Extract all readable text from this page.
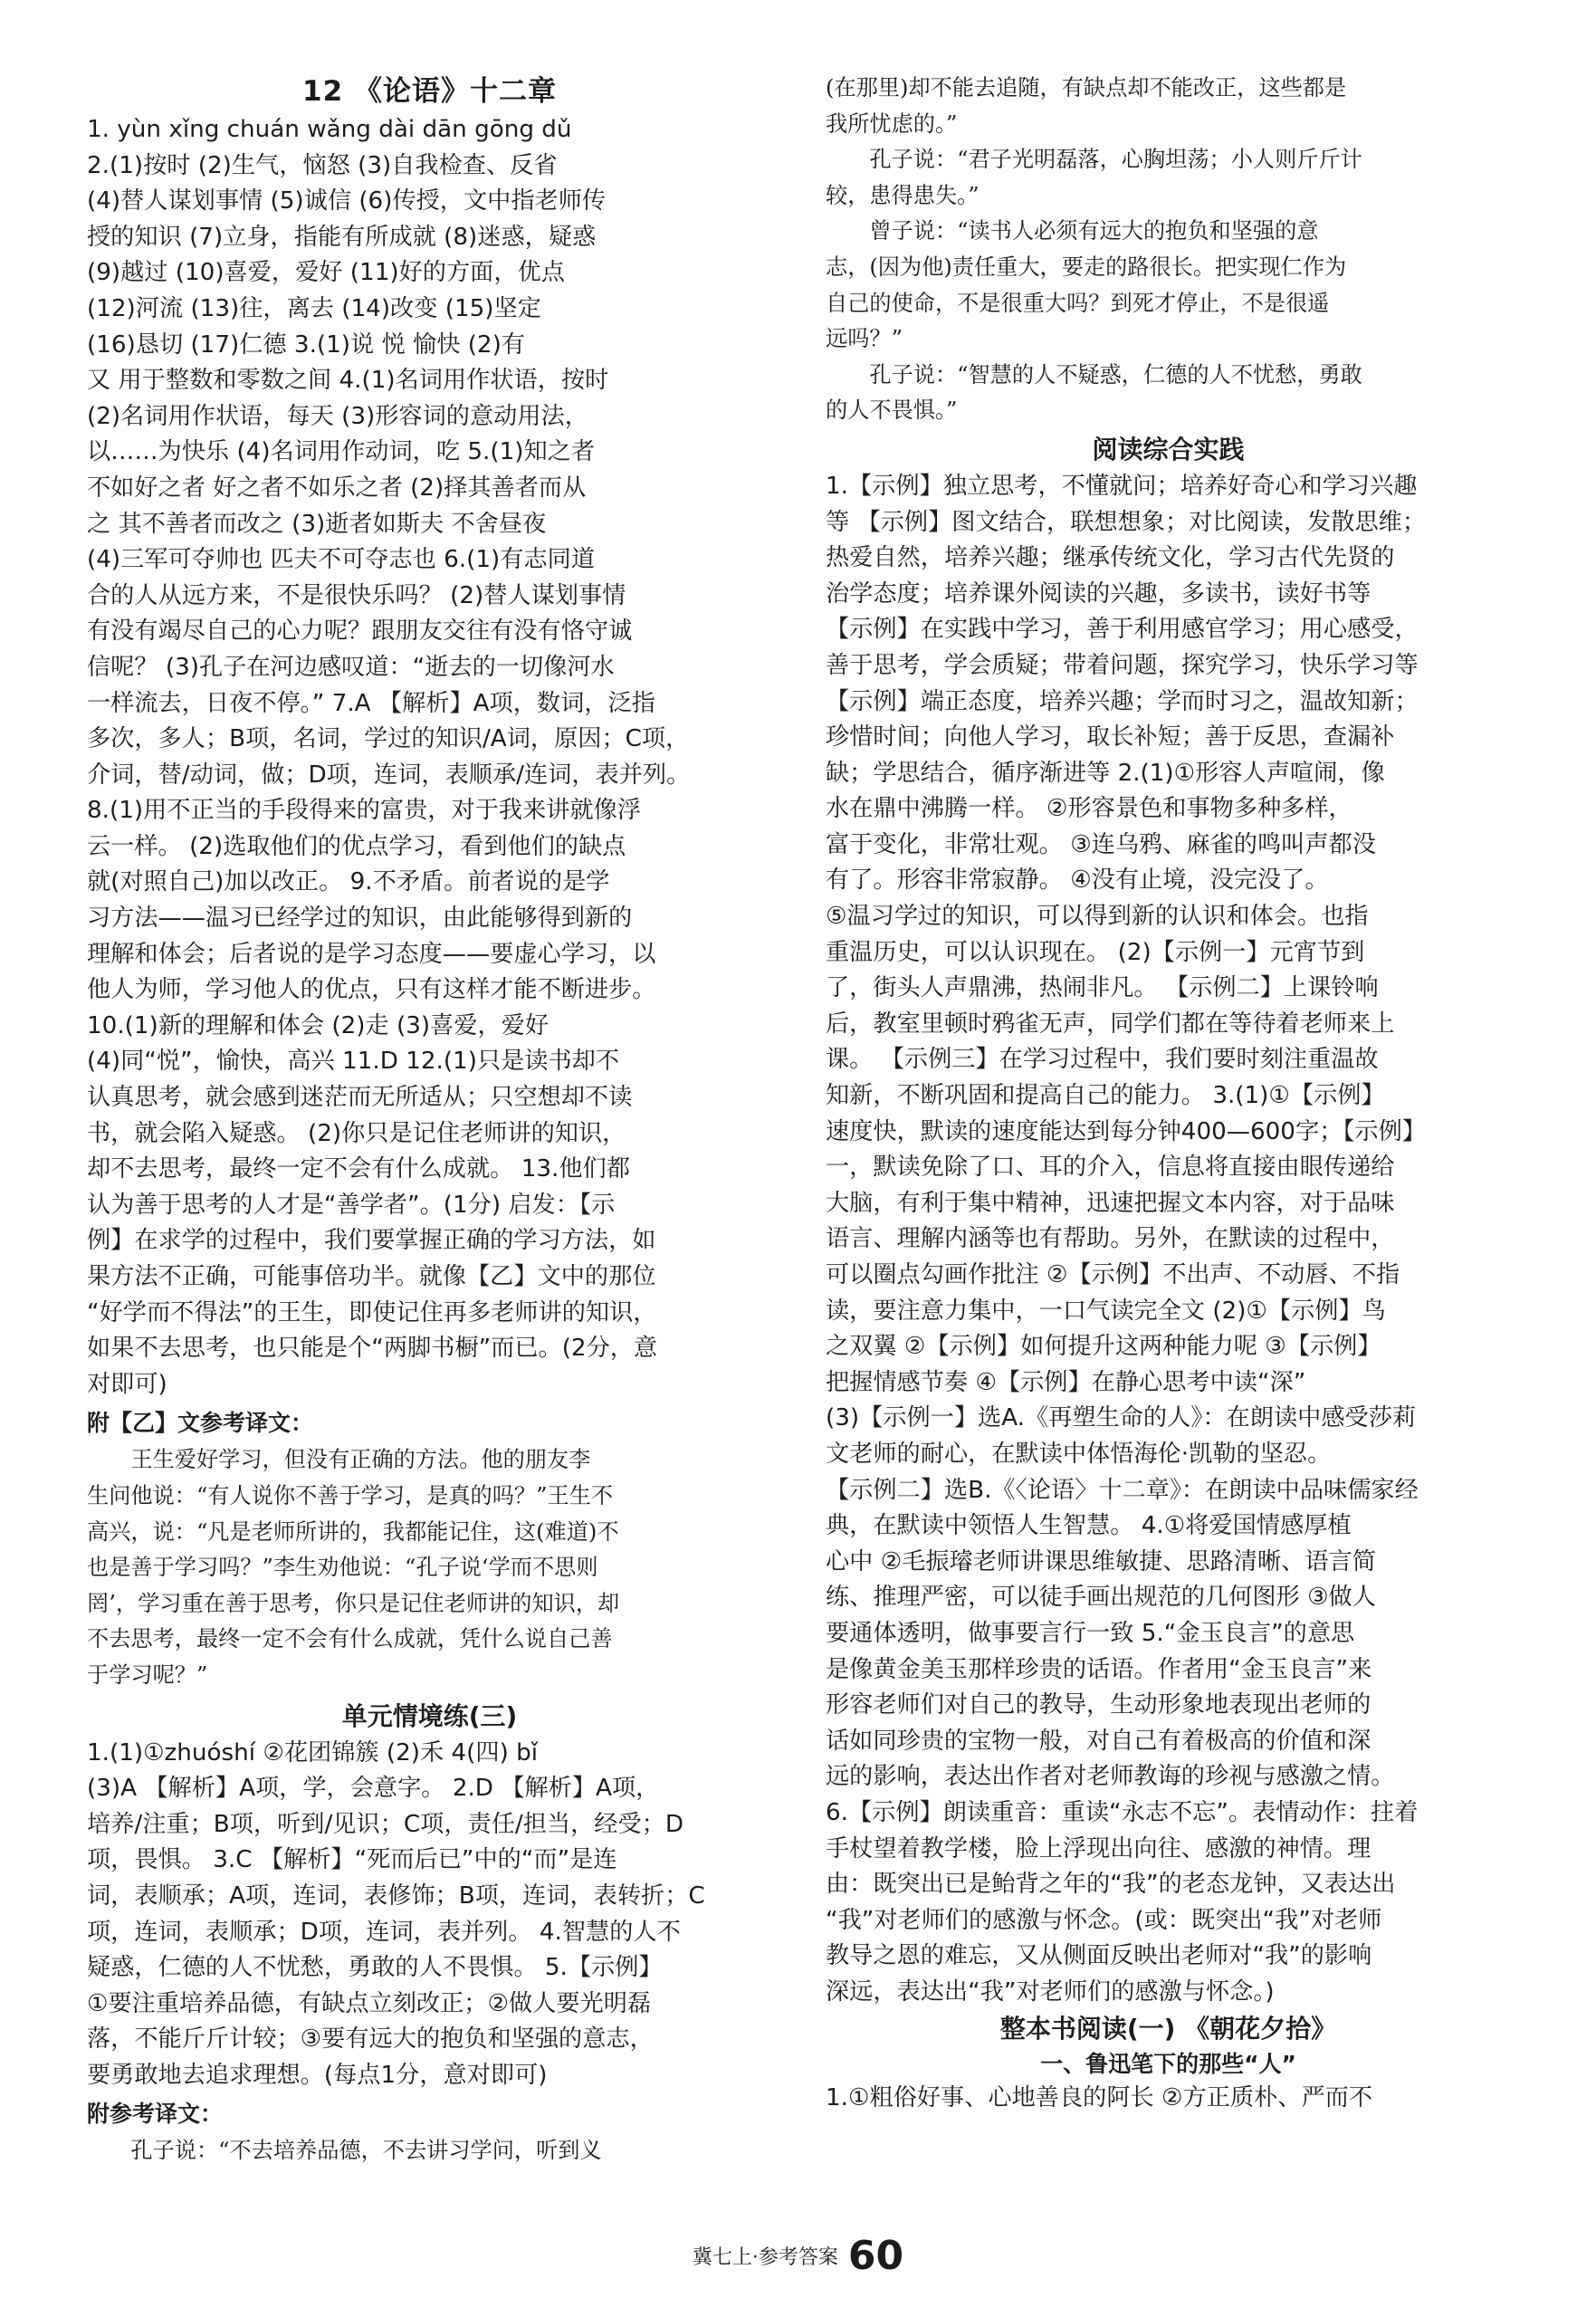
12 《论语》十二章
1. yùn xǐng chuán wǎng dài dān gōng dǔ
2.(1)按时 (2)生气，恼怒 (3)自我检查、反省
(4)替人谋划事情 (5)诚信 (6)传授，文中指老师传
授的知识 (7)立身，指能有所成就 (8)迷惑，疑惑
(9)越过 (10)喜爱，爱好 (11)好的方面，优点
(12)河流 (13)往，离去 (14)改变 (15)坚定
(16)恳切 (17)仁德 3.(1)说 悦 愉快 (2)有
又 用于整数和零数之间 4.(1)名词用作状语，按时
(2)名词用作状语，每天 (3)形容词的意动用法，
以……为快乐 (4)名词用作动词，吃 5.(1)知之者
不如好之者 好之者不如乐之者 (2)择其善者而从
之 其不善者而改之 (3)逝者如斯夫 不舍昼夜
(4)三军可夺帅也 匹夫不可夺志也 6.(1)有志同道
合的人从远方来，不是很快乐吗？ (2)替人谋划事情
有没有竭尽自己的心力呢？跟朋友交往有没有恪守诚
信呢？ (3)孔子在河边感叹道：“逝去的一切像河水
一样流去，日夜不停。” 7.A 【解析】A项，数词，泛指
多次，多人；B项，名词，学过的知识/A词，原因；C项，
介词，替/动词，做；D项，连词，表顺承/连词，表并列。
8.(1)用不正当的手段得来的富贵，对于我来讲就像浮
云一样。 (2)选取他们的优点学习，看到他们的缺点
就(对照自己)加以改正。 9.不矛盾。前者说的是学
习方法——温习已经学过的知识，由此能够得到新的
理解和体会；后者说的是学习态度——要虚心学习，以
他人为师，学习他人的优点，只有这样才能不断进步。
10.(1)新的理解和体会 (2)走 (3)喜爱，爱好
(4)同“悦”，愉快，高兴 11.D 12.(1)只是读书却不
认真思考，就会感到迷茫而无所适从；只空想却不读
书，就会陷入疑惑。 (2)你只是记住老师讲的知识，
却不去思考，最终一定不会有什么成就。 13.他们都
认为善于思考的人才是“善学者”。(1分) 启发：【示
例】在求学的过程中，我们要掌握正确的学习方法，如
果方法不正确，可能事倍功半。就像【乙】文中的那位
“好学而不得法”的王生，即使记住再多老师讲的知识，
如果不去思考，也只能是个“两脚书橱”而已。(2分，意
对即可)
附【乙】文参考译文：
　　王生爱好学习，但没有正确的方法。他的朋友李
生问他说：“有人说你不善于学习，是真的吗？”王生不
高兴，说：“凡是老师所讲的，我都能记住，这(难道)不
也是善于学习吗？”李生劝他说：“孔子说‘学而不思则
罔’，学习重在善于思考，你只是记住老师讲的知识，却
不去思考，最终一定不会有什么成就，凭什么说自己善
于学习呢？”
单元情境练(三)
1.(1)①zhuóshí ②花团锦簇 (2)禾 4(四) bǐ
(3)A 【解析】A项，学，会意字。 2.D 【解析】A项，
培养/注重；B项，听到/见识；C项，责任/担当，经受；D
项，畏惧。 3.C 【解析】“死而后已”中的“而”是连
词，表顺承；A项，连词，表修饰；B项，连词，表转折；C
项，连词，表顺承；D项，连词，表并列。 4.智慧的人不
疑惑，仁德的人不忧愁，勇敢的人不畏惧。 5.【示例】
①要注重培养品德，有缺点立刻改正；②做人要光明磊
落，不能斤斤计较；③要有远大的抱负和坚强的意志，
要勇敢地去追求理想。(每点1分，意对即可)
附参考译文：
　　孔子说：“不去培养品德，不去讲习学问，听到义
(在那里)却不能去追随，有缺点却不能改正，这些都是
我所忧虑的。”
　　孔子说：“君子光明磊落，心胸坦荡；小人则斤斤计
较，患得患失。”
　　曾子说：“读书人必须有远大的抱负和坚强的意
志，(因为他)责任重大，要走的路很长。把实现仁作为
自己的使命，不是很重大吗？到死才停止，不是很遥
远吗？”
　　孔子说：“智慧的人不疑惑，仁德的人不忧愁，勇敢
的人不畏惧。”
阅读综合实践
1.【示例】独立思考，不懂就问；培养好奇心和学习兴趣
等 【示例】图文结合，联想想象；对比阅读，发散思维；
热爱自然，培养兴趣；继承传统文化，学习古代先贤的
治学态度；培养课外阅读的兴趣，多读书，读好书等
【示例】在实践中学习，善于利用感官学习；用心感受，
善于思考，学会质疑；带着问题，探究学习，快乐学习等
【示例】端正态度，培养兴趣；学而时习之，温故知新；
珍惜时间；向他人学习，取长补短；善于反思，查漏补
缺；学思结合，循序渐进等 2.(1)①形容人声喧闹，像
水在鼎中沸腾一样。 ②形容景色和事物多种多样，
富于变化，非常壮观。 ③连乌鸦、麻雀的鸣叫声都没
有了。形容非常寂静。 ④没有止境，没完没了。
⑤温习学过的知识，可以得到新的认识和体会。也指
重温历史，可以认识现在。 (2)【示例一】元宵节到
了，街头人声鼎沸，热闹非凡。 【示例二】上课铃响
后，教室里顿时鸦雀无声，同学们都在等待着老师来上
课。 【示例三】在学习过程中，我们要时刻注重温故
知新，不断巩固和提高自己的能力。 3.(1)①【示例】
速度快，默读的速度能达到每分钟400—600字；【示例】
一，默读免除了口、耳的介入，信息将直接由眼传递给
大脑，有利于集中精神，迅速把握文本内容，对于品味
语言、理解内涵等也有帮助。另外，在默读的过程中，
可以圈点勾画作批注 ②【示例】不出声、不动唇、不指
读，要注意力集中，一口气读完全文 (2)①【示例】鸟
之双翼 ②【示例】如何提升这两种能力呢 ③【示例】
把握情感节奏 ④【示例】在静心思考中读“深”
(3)【示例一】选A.《再塑生命的人》：在朗读中感受莎莉
文老师的耐心，在默读中体悟海伦·凯勒的坚忍。
【示例二】选B.《〈论语〉十二章》：在朗读中品味儒家经
典，在默读中领悟人生智慧。 4.①将爱国情感厚植
心中 ②毛振璿老师讲课思维敏捷、思路清晰、语言简
练、推理严密，可以徒手画出规范的几何图形 ③做人
要通体透明，做事要言行一致 5.“金玉良言”的意思
是像黄金美玉那样珍贵的话语。作者用“金玉良言”来
形容老师们对自己的教导，生动形象地表现出老师的
话如同珍贵的宝物一般，对自己有着极高的价值和深
远的影响，表达出作者对老师教诲的珍视与感激之情。
6.【示例】朗读重音：重读“永志不忘”。表情动作：拄着
手杖望着教学楼，脸上浮现出向往、感激的神情。理
由：既突出已是鲐背之年的“我”的老态龙钟，又表达出
“我”对老师们的感激与怀念。(或：既突出“我”对老师
教导之恩的难忘，又从侧面反映出老师对“我”的影响
深远，表达出“我”对老师们的感激与怀念。)
整本书阅读(一) 《朝花夕拾》
一、鲁迅笔下的那些“人”
1.①粗俗好事、心地善良的阿长 ②方正质朴、严而不
冀七上·参考答案 60
